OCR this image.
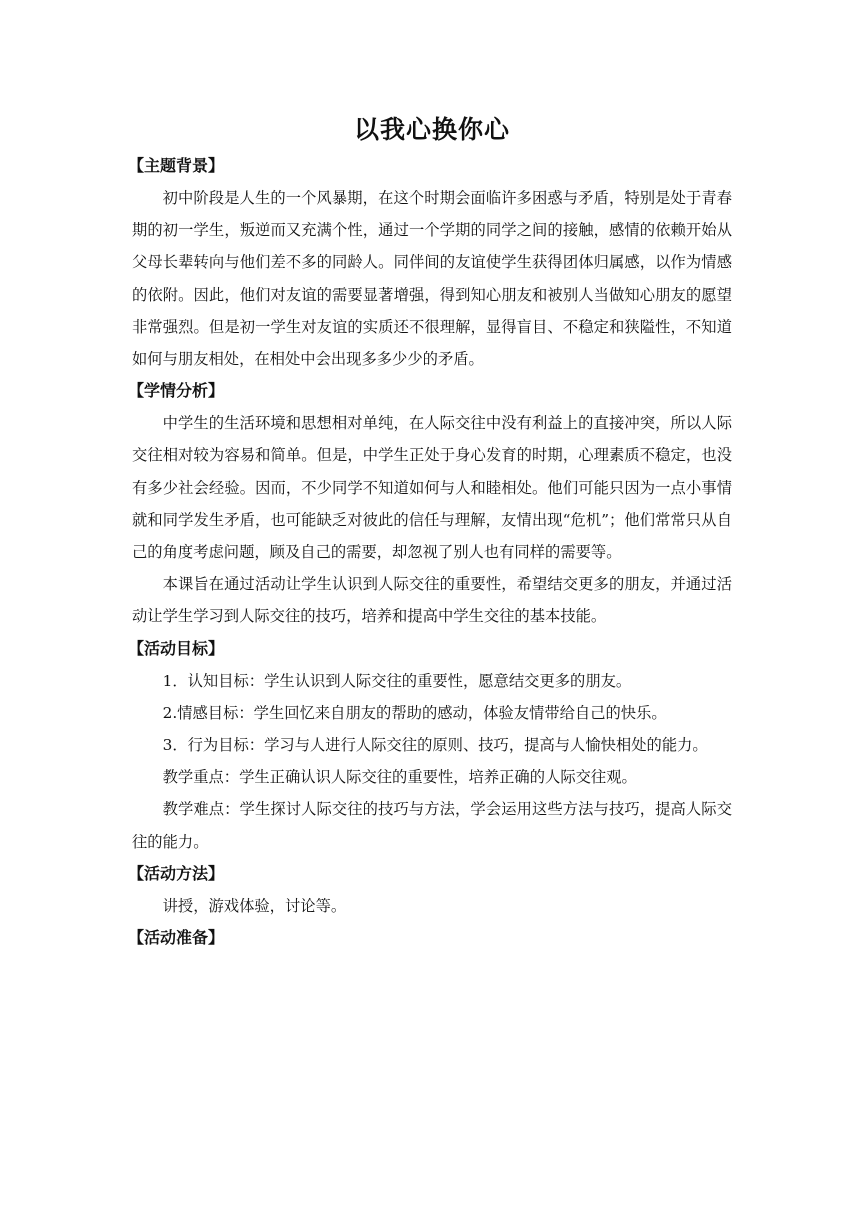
以我心换你心

【主题背景】

初中阶段是人生的一个风暴期，在这个时期会面临许多困惑与矛盾，特别是处于青春期的初一学生，叛逆而又充满个性，通过一个学期的同学之间的接触，感情的依赖开始从父母长辈转向与他们差不多的同龄人。同伴间的友谊使学生获得团体归属感，以作为情感的依附。因此，他们对友谊的需要显著增强，得到知心朋友和被别人当做知心朋友的愿望非常强烈。但是初一学生对友谊的实质还不很理解，显得盲目、不稳定和狭隘性，不知道如何与朋友相处，在相处中会出现多多少少的矛盾。

【学情分析】

中学生的生活环境和思想相对单纯，在人际交往中没有利益上的直接冲突，所以人际交往相对较为容易和简单。但是，中学生正处于身心发育的时期，心理素质不稳定，也没有多少社会经验。因而，不少同学不知道如何与人和睦相处。他们可能只因为一点小事情就和同学发生矛盾，也可能缺乏对彼此的信任与理解，友情出现“危机”；他们常常只从自己的角度考虑问题，顾及自己的需要，却忽视了别人也有同样的需要等。

本课旨在通过活动让学生认识到人际交往的重要性，希望结交更多的朋友，并通过活动让学生学习到人际交往的技巧，培养和提高中学生交往的基本技能。

【活动目标】

1．认知目标：学生认识到人际交往的重要性，愿意结交更多的朋友。

2.情感目标：学生回忆来自朋友的帮助的感动，体验友情带给自己的快乐。

3．行为目标：学习与人进行人际交往的原则、技巧，提高与人愉快相处的能力。

教学重点：学生正确认识人际交往的重要性，培养正确的人际交往观。

教学难点：学生探讨人际交往的技巧与方法，学会运用这些方法与技巧，提高人际交往的能力。

【活动方法】

讲授，游戏体验，讨论等。

【活动准备】
